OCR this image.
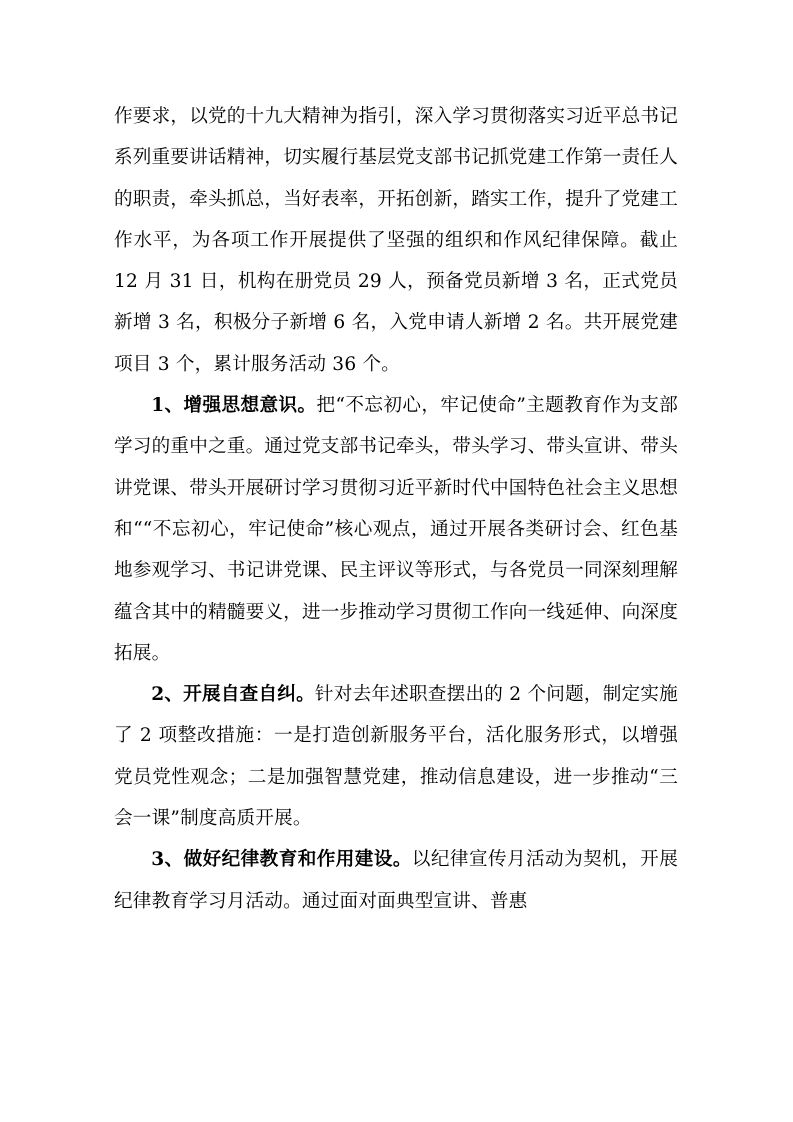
作要求，以党的十九大精神为指引，深入学习贯彻落实习近平总书记系列重要讲话精神，切实履行基层党支部书记抓党建工作第一责任人的职责，牵头抓总，当好表率，开拓创新，踏实工作，提升了党建工作水平，为各项工作开展提供了坚强的组织和作风纪律保障。截止 12 月 31 日，机构在册党员 29 人，预备党员新增 3 名，正式党员新增 3 名，积极分子新增 6 名，入党申请人新增 2 名。共开展党建项目 3 个，累计服务活动 36 个。

1、增强思想意识。把“不忘初心，牢记使命”主题教育作为支部学习的重中之重。通过党支部书记牵头，带头学习、带头宣讲、带头讲党课、带头开展研讨学习贯彻习近平新时代中国特色社会主义思想和““不忘初心，牢记使命”核心观点，通过开展各类研讨会、红色基地参观学习、书记讲党课、民主评议等形式，与各党员一同深刻理解蕴含其中的精髓要义，进一步推动学习贯彻工作向一线延伸、向深度拓展。

2、开展自查自纠。针对去年述职查摆出的 2 个问题，制定实施了 2 项整改措施：一是打造创新服务平台，活化服务形式，以增强党员党性观念；二是加强智慧党建，推动信息建设，进一步推动“三会一课”制度高质开展。

3、做好纪律教育和作用建设。以纪律宣传月活动为契机，开展纪律教育学习月活动。通过面对面典型宣讲、普惠
